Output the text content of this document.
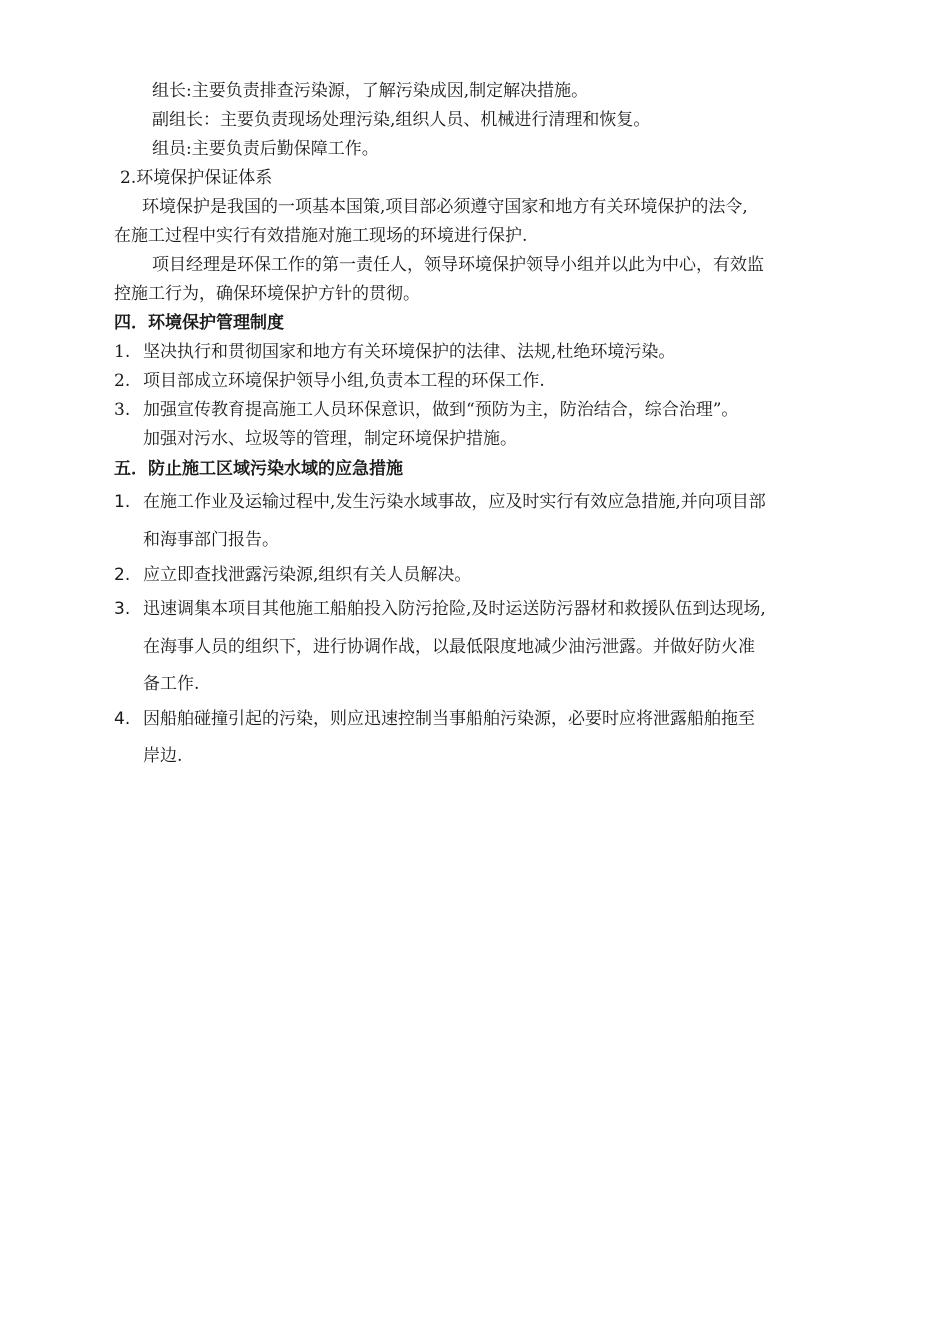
组长:主要负责排查污染源，了解污染成因,制定解决措施。
副组长：主要负责现场处理污染,组织人员、机械进行清理和恢复。
组员:主要负责后勤保障工作。
2.环境保护保证体系
环境保护是我国的一项基本国策,项目部必须遵守国家和地方有关环境保护的法令,
在施工过程中实行有效措施对施工现场的环境进行保护.
项目经理是环保工作的第一责任人，领导环境保护领导小组并以此为中心，有效监
控施工行为，确保环境保护方针的贯彻。
四．环境保护管理制度
1. 坚决执行和贯彻国家和地方有关环境保护的法律、法规,杜绝环境污染。
2. 项目部成立环境保护领导小组,负责本工程的环保工作.
3. 加强宣传教育提高施工人员环保意识，做到“预防为主，防治结合，综合治理”。
加强对污水、垃圾等的管理，制定环境保护措施。
五．防止施工区域污染水域的应急措施
1. 在施工作业及运输过程中,发生污染水域事故，应及时实行有效应急措施,并向项目部
和海事部门报告。
2. 应立即查找泄露污染源,组织有关人员解决。
3. 迅速调集本项目其他施工船舶投入防污抢险,及时运送防污器材和救援队伍到达现场,
在海事人员的组织下，进行协调作战，以最低限度地减少油污泄露。并做好防火准
备工作.
4. 因船舶碰撞引起的污染，则应迅速控制当事船舶污染源，必要时应将泄露船舶拖至
岸边.
